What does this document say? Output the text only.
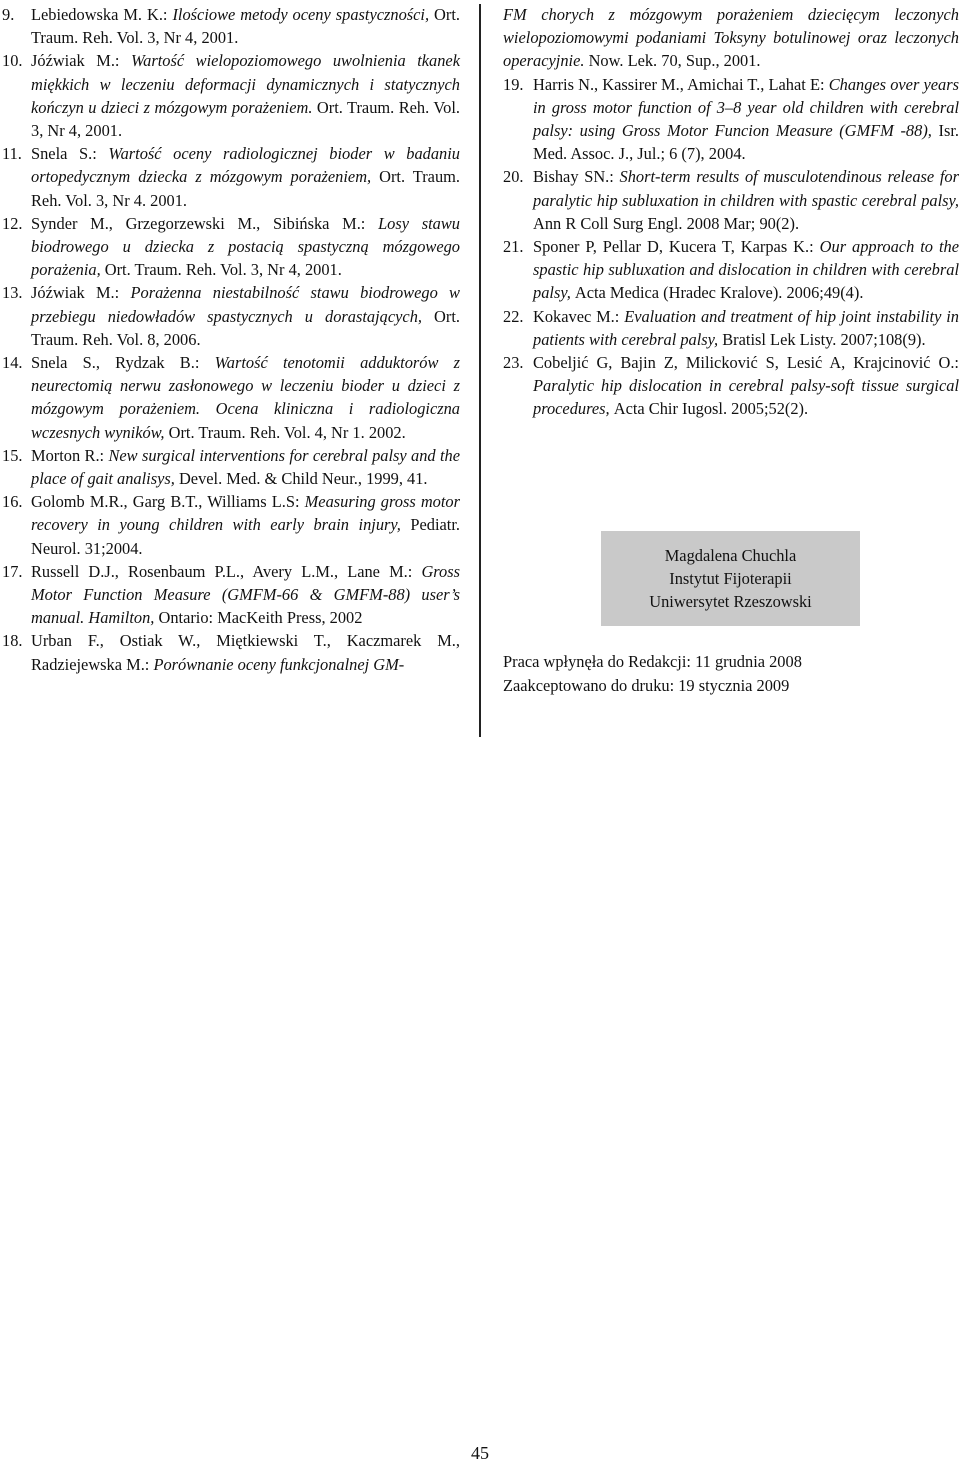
9.	Lebiedowska M. K.: Ilościowe metody oceny spastyczności, Ort. Traum. Reh. Vol. 3, Nr 4, 2001.
10. Jóźwiak M.: Wartość wielopoziomowego uwolnienia tkanek miękkich w leczeniu deformacji dynamicznych i statycznych kończyn u dzieci z mózgowym porażeniem. Ort. Traum. Reh. Vol. 3, Nr 4, 2001.
11. Snela S.: Wartość oceny radiologicznej bioder w badaniu ortopedycznym dziecka z mózgowym porażeniem, Ort. Traum. Reh. Vol. 3, Nr 4. 2001.
12. Synder M., Grzegorzewski M., Sibińska M.: Losy stawu biodrowego u dziecka z postacią spastyczną mózgowego porażenia, Ort. Traum. Reh. Vol. 3, Nr 4, 2001.
13. Jóźwiak M.: Porażenna niestabilność stawu biodrowego w przebiegu niedowładów spastycznych u dorastających, Ort. Traum. Reh. Vol. 8, 2006.
14. Snela S., Rydzak B.: Wartość tenotomii adduktorów z neurectomią nerwu zasłonowego w leczeniu bioder u dzieci z mózgowym porażeniem. Ocena kliniczna i radiologiczna wczesnych wyników, Ort. Traum. Reh. Vol. 4, Nr 1. 2002.
15. Morton R.: New surgical interventions for cerebral palsy and the place of gait analisys, Devel. Med. & Child Neur., 1999, 41.
16. Golomb M.R., Garg B.T., Williams L.S: Measuring gross motor recovery in young children with early brain injury, Pediatr. Neurol. 31;2004.
17. Russell D.J., Rosenbaum P.L., Avery L.M., Lane M.: Gross Motor Function Measure (GMFM-66 & GMFM-88) user’s manual. Hamilton, Ontario: MacKeith Press, 2002
18. Urban F., Ostiak W., Miętkiewski T., Kaczmarek M., Radziejewska M.: Porównanie oceny funkcjonalnej GM-
FM chorych z mózgowym porażeniem dziecięcym leczonych wielopoziomowymi podaniami Toksyny botulinowej oraz leczonych operacyjnie. Now. Lek. 70, Sup., 2001.
19. Harris N., Kassirer M., Amichai T., Lahat E: Changes over years in gross motor function of 3–8 year old children with cerebral palsy: using Gross Motor Funcion Measure (GMFM -88), Isr. Med. Assoc. J., Jul.; 6 (7), 2004.
20. Bishay SN.: Short-term results of musculotendinous release for paralytic hip subluxation in children with spastic cerebral palsy, Ann R Coll Surg Engl. 2008 Mar; 90(2).
21. Sponer P, Pellar D, Kucera T, Karpas K.: Our approach to the spastic hip subluxation and dislocation in children with cerebral palsy, Acta Medica (Hradec Kralove). 2006;49(4).
22. Kokavec M.: Evaluation and treatment of hip joint instability in patients with cerebral palsy, Bratisl Lek Listy. 2007;108(9).
23. Cobeljić G, Bajin Z, Milicković S, Lesić A, Krajcinović O.: Paralytic hip dislocation in cerebral palsy-soft tissue surgical procedures, Acta Chir Iugosl. 2005;52(2).
Magdalena Chuchla
Instytut Fijoterapii
Uniwersytet Rzeszowski
Praca wpłynęła do Redakcji: 11 grudnia 2008
Zaakceptowano do druku: 19 stycznia 2009
45
